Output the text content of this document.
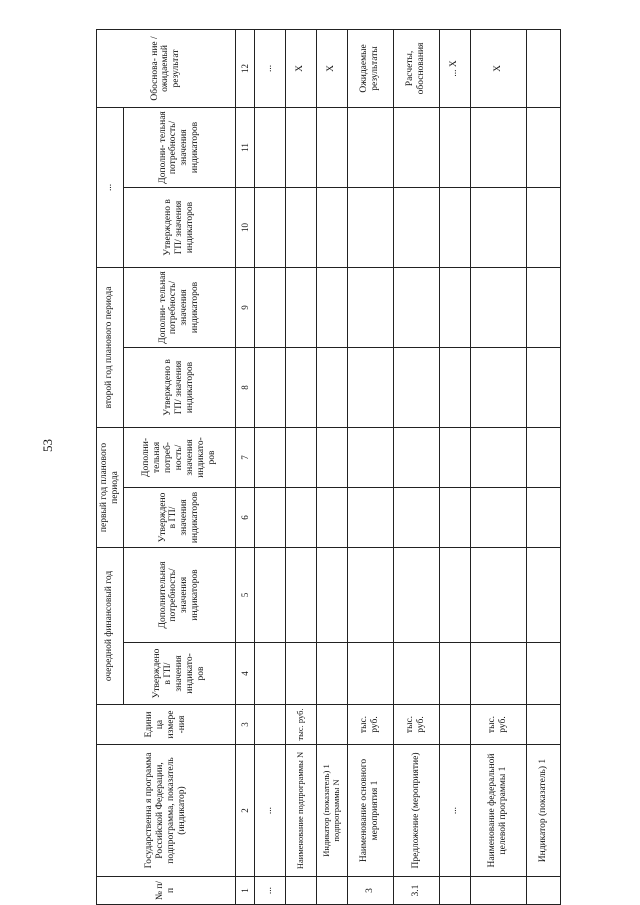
53
№ п/п	Государственна я программа Российской Федерации, подпрограмма, показатель (индикатор)	Едини ца измере -ния	очередной финансовый год		первый год планового периода		второй год планового периода		...		Обоснова- ние /ожидаемый результат
			Утверждено в ГП/ значения индикато- ров	Дополнительная потребность/ значения индикаторов	Утверждено в ГП/ значения индикаторов	Дополни- тельная потреб- ность/ значения индикато- ров	Утверждено в ГП/ значения индикаторов	Дополни- тельная потребность/ значения индикаторов	Утверждено в ГП/ значения индикаторов	Дополни- тельная потребность/ значения индикаторов	
1	2	3	4	5	6	7	8	9	10	11	12
...	...										...
	Наименование подпрограммы N	тыс. руб.									X
	Индикатор (показатель) 1 подпрограммы N										X
3	Наименование основного мероприятия 1	тыс. руб.									Ожидаемые результаты
3.1	Предложение (мероприятие)	тыс. руб.									Расчеты, обоснования
	...										... X
	Наименование федеральной целевой программы 1	тыс. руб.									X
	Индикатор (показатель) 1										
